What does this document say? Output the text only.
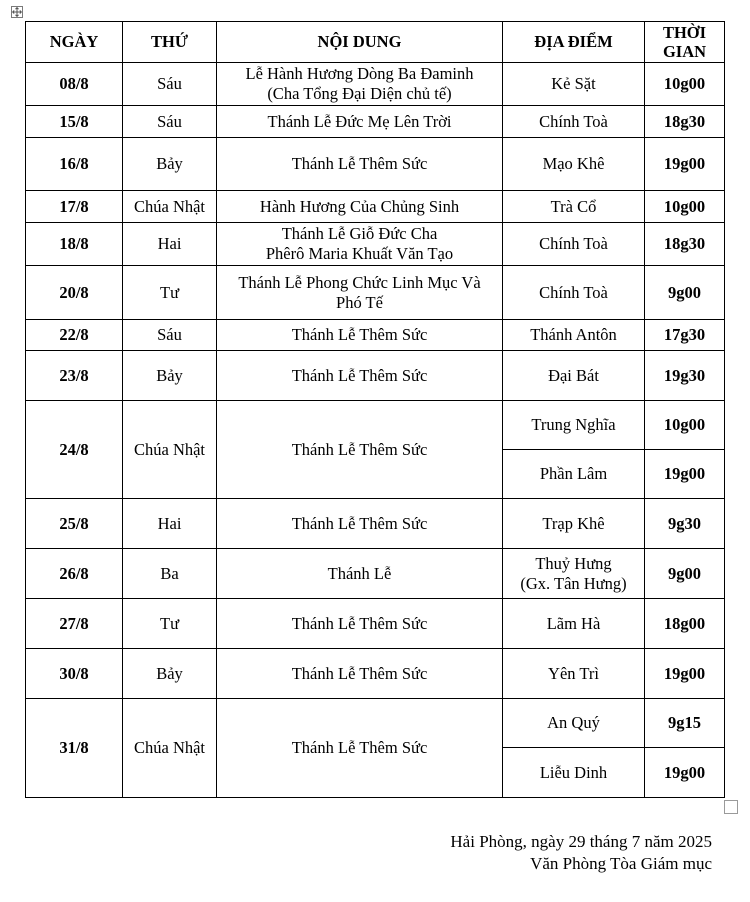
NGÀY	THỨ	NỘI DUNG	ĐỊA ĐIỂM	THỜI GIAN
08/8	Sáu	Lễ Hành Hương Dòng Ba Đaminh
(Cha Tổng Đại Diện chủ tế)	Kẻ Sặt	10g00
15/8	Sáu	Thánh Lễ Đức Mẹ Lên Trời	Chính Toà	18g30
16/8	Bảy	Thánh Lễ Thêm Sức	Mạo Khê	19g00
17/8	Chúa Nhật	Hành Hương Của Chủng Sinh	Trà Cổ	10g00
18/8	Hai	Thánh Lễ Giỗ Đức Cha
Phêrô Maria Khuất Văn Tạo	Chính Toà	18g30
20/8	Tư	Thánh Lễ Phong Chức Linh Mục Và
Phó Tế	Chính Toà	9g00
22/8	Sáu	Thánh Lễ Thêm Sức	Thánh Antôn	17g30
23/8	Bảy	Thánh Lễ Thêm Sức	Đại Bát	19g30
24/8	Chúa Nhật	Thánh Lễ Thêm Sức	Trung Nghĩa	10g00

			Phần Lâm	19g00
25/8	Hai	Thánh Lễ Thêm Sức	Trạp Khê	9g30
26/8	Ba	Thánh Lễ	Thuỷ Hưng
(Gx. Tân Hưng)	9g00
27/8	Tư	Thánh Lễ Thêm Sức	Lãm Hà	18g00
30/8	Bảy	Thánh Lễ Thêm Sức	Yên Trì	19g00
31/8	Chúa Nhật	Thánh Lễ Thêm Sức	An Quý	9g15

			Liễu Dinh	19g00
Hải Phòng, ngày 29 tháng 7 năm 2025
Văn Phòng Tòa Giám mục
